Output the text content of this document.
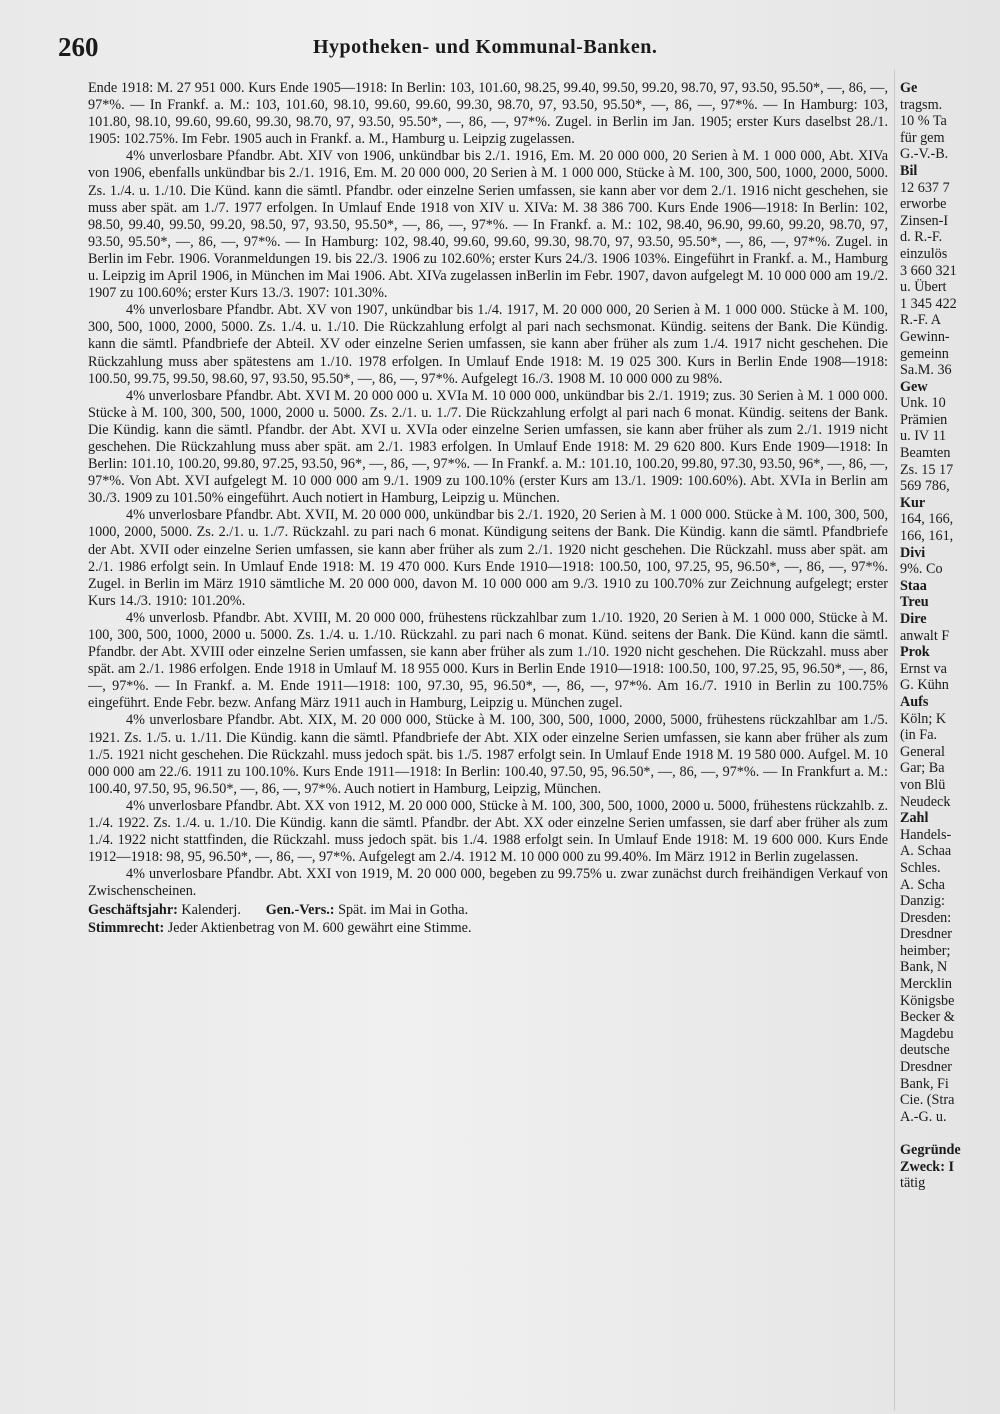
260	Hypotheken- und Kommunal-Banken.

Ende 1918: M. 27 951 000. Kurs Ende 1905—1918: In Berlin: 103, 101.60, 98.25, 99.40, 99.50, 99.20, 98.70, 97, 93.50, 95.50*, —, 86, —, 97*%. — In Frankf. a. M.: 103, 101.60, 98.10, 99.60, 99.60, 99.30, 98.70, 97, 93.50, 95.50*, —, 86, —, 97*%. — In Hamburg: 103, 101.80, 98.10, 99.60, 99.60, 99.30, 98.70, 97, 93.50, 95.50*, —, 86, —, 97*%. Zugel. in Berlin im Jan. 1905; erster Kurs daselbst 28./1. 1905: 102.75%. Im Febr. 1905 auch in Frankf. a. M., Hamburg u. Leipzig zugelassen.

4% unverlosbare Pfandbr. Abt. XIV von 1906, unkündbar bis 2./1. 1916, Em. M. 20 000 000, 20 Serien à M. 1 000 000, Abt. XIVa von 1906, ebenfalls unkündbar bis 2./1. 1916, Em. M. 20 000 000, 20 Serien à M. 1 000 000, Stücke à M. 100, 300, 500, 1000, 2000, 5000. Zs. 1./4. u. 1./10. Die Künd. kann die sämtl. Pfandbr. oder einzelne Serien umfassen, sie kann aber vor dem 2./1. 1916 nicht geschehen, sie muss aber spät. am 1./7. 1977 erfolgen. In Umlauf Ende 1918 von XIV u. XIVa: M. 38 386 700. Kurs Ende 1906—1918: In Berlin: 102, 98.50, 99.40, 99.50, 99.20, 98.50, 97, 93.50, 95.50*, —, 86, —, 97*%. — In Frankf. a. M.: 102, 98.40, 96.90, 99.60, 99.20, 98.70, 97, 93.50, 95.50*, —, 86, —, 97*%. — In Hamburg: 102, 98.40, 99.60, 99.60, 99.30, 98.70, 97, 93.50, 95.50*, —, 86, —, 97*%. Zugel. in Berlin im Febr. 1906. Voranmeldungen 19. bis 22./3. 1906 zu 102.60%; erster Kurs 24./3. 1906 103%. Eingeführt in Frankf. a. M., Hamburg u. Leipzig im April 1906, in München im Mai 1906. Abt. XIVa zugelassen inBerlin im Febr. 1907, davon aufgelegt M. 10 000 000 am 19./2. 1907 zu 100.60%; erster Kurs 13./3. 1907: 101.30%.

4% unverlosbare Pfandbr. Abt. XV von 1907, unkündbar bis 1./4. 1917, M. 20 000 000, 20 Serien à M. 1 000 000. Stücke à M. 100, 300, 500, 1000, 2000, 5000. Zs. 1./4. u. 1./10. Die Rückzahlung erfolgt al pari nach sechsmonat. Kündig. seitens der Bank. Die Kündig. kann die sämtl. Pfandbriefe der Abteil. XV oder einzelne Serien umfassen, sie kann aber früher als zum 1./4. 1917 nicht geschehen. Die Rückzahlung muss aber spätestens am 1./10. 1978 erfolgen. In Umlauf Ende 1918: M. 19 025 300. Kurs in Berlin Ende 1908—1918: 100.50, 99.75, 99.50, 98.60, 97, 93.50, 95.50*, —, 86, —, 97*%. Aufgelegt 16./3. 1908 M. 10 000 000 zu 98%.

4% unverlosbare Pfandbr. Abt. XVI M. 20 000 000 u. XVIa M. 10 000 000, unkündbar bis 2./1. 1919; zus. 30 Serien à M. 1 000 000. Stücke à M. 100, 300, 500, 1000, 2000 u. 5000. Zs. 2./1. u. 1./7. Die Rückzahlung erfolgt al pari nach 6 monat. Kündig. seitens der Bank. Die Kündig. kann die sämtl. Pfandbr. der Abt. XVI u. XVIa oder einzelne Serien umfassen, sie kann aber früher als zum 2./1. 1919 nicht geschehen. Die Rückzahlung muss aber spät. am 2./1. 1983 erfolgen. In Umlauf Ende 1918: M. 29 620 800. Kurs Ende 1909—1918: In Berlin: 101.10, 100.20, 99.80, 97.25, 93.50, 96*, —, 86, —, 97*%. — In Frankf. a. M.: 101.10, 100.20, 99.80, 97.30, 93.50, 96*, —, 86, —, 97*%. Von Abt. XVI aufgelegt M. 10 000 000 am 9./1. 1909 zu 100.10% (erster Kurs am 13./1. 1909: 100.60%). Abt. XVIa in Berlin am 30./3. 1909 zu 101.50% eingeführt. Auch notiert in Hamburg, Leipzig u. München.

4% unverlosbare Pfandbr. Abt. XVII, M. 20 000 000, unkündbar bis 2./1. 1920, 20 Serien à M. 1 000 000. Stücke à M. 100, 300, 500, 1000, 2000, 5000. Zs. 2./1. u. 1./7. Rückzahl. zu pari nach 6 monat. Kündigung seitens der Bank. Die Kündig. kann die sämtl. Pfandbriefe der Abt. XVII oder einzelne Serien umfassen, sie kann aber früher als zum 2./1. 1920 nicht geschehen. Die Rückzahl. muss aber spät. am 2./1. 1986 erfolgt sein. In Umlauf Ende 1918: M. 19 470 000. Kurs Ende 1910—1918: 100.50, 100, 97.25, 95, 96.50*, —, 86, —, 97*%. Zugel. in Berlin im März 1910 sämtliche M. 20 000 000, davon M. 10 000 000 am 9./3. 1910 zu 100.70% zur Zeichnung aufgelegt; erster Kurs 14./3. 1910: 101.20%.

4% unverlosb. Pfandbr. Abt. XVIII, M. 20 000 000, frühestens rückzahlbar zum 1./10. 1920, 20 Serien à M. 1 000 000, Stücke à M. 100, 300, 500, 1000, 2000 u. 5000. Zs. 1./4. u. 1./10. Rückzahl. zu pari nach 6 monat. Künd. seitens der Bank. Die Künd. kann die sämtl. Pfandbr. der Abt. XVIII oder einzelne Serien umfassen, sie kann aber früher als zum 1./10. 1920 nicht geschehen. Die Rückzahl. muss aber spät. am 2./1. 1986 erfolgen. Ende 1918 in Umlauf M. 18 955 000. Kurs in Berlin Ende 1910—1918: 100.50, 100, 97.25, 95, 96.50*, —, 86, —, 97*%. — In Frankf. a. M. Ende 1911—1918: 100, 97.30, 95, 96.50*, —, 86, —, 97*%. Am 16./7. 1910 in Berlin zu 100.75% eingeführt. Ende Febr. bezw. Anfang März 1911 auch in Hamburg, Leipzig u. München zugel.

4% unverlosbare Pfandbr. Abt. XIX, M. 20 000 000, Stücke à M. 100, 300, 500, 1000, 2000, 5000, frühestens rückzahlbar am 1./5. 1921. Zs. 1./5. u. 1./11. Die Kündig. kann die sämtl. Pfandbriefe der Abt. XIX oder einzelne Serien umfassen, sie kann aber früher als zum 1./5. 1921 nicht geschehen. Die Rückzahl. muss jedoch spät. bis 1./5. 1987 erfolgt sein. In Umlauf Ende 1918 M. 19 580 000. Aufgel. M. 10 000 000 am 22./6. 1911 zu 100.10%. Kurs Ende 1911—1918: In Berlin: 100.40, 97.50, 95, 96.50*, —, 86, —, 97*%. — In Frankfurt a. M.: 100.40, 97.50, 95, 96.50*, —, 86, —, 97*%. Auch notiert in Hamburg, Leipzig, München.

4% unverlosbare Pfandbr. Abt. XX von 1912, M. 20 000 000, Stücke à M. 100, 300, 500, 1000, 2000 u. 5000, frühestens rückzahlb. z. 1./4. 1922. Zs. 1./4. u. 1./10. Die Kündig. kann die sämtl. Pfandbr. der Abt. XX oder einzelne Serien umfassen, sie darf aber früher als zum 1./4. 1922 nicht stattfinden, die Rückzahl. muss jedoch spät. bis 1./4. 1988 erfolgt sein. In Umlauf Ende 1918: M. 19 600 000. Kurs Ende 1912—1918: 98, 95, 96.50*, —, 86, —, 97*%. Aufgelegt am 2./4. 1912 M. 10 000 000 zu 99.40%. Im März 1912 in Berlin zugelassen.

4% unverlosbare Pfandbr. Abt. XXI von 1919, M. 20 000 000, begeben zu 99.75% u. zwar zunächst durch freihändigen Verkauf von Zwischenscheinen.

Geschäftsjahr: Kalenderj. Gen.-Vers.: Spät. im Mai in Gotha.

Stimmrecht: Jeder Aktienbetrag von M. 600 gewährt eine Stimme.

Ge
tragsm.
10 % Ta
für gem
G.-V.-B.
Bil
12 637 7
erworbe
Zinsen-I
d. R.-F.
einzulös
3 660 321
u. Übert
1 345 422
R.-F. A
Gewinn-
gemeinn
Sa.M. 36
Gew
Unk. 10
Prämien
u. IV 11
Beamten
Zs. 15 17
569 786,
Kur
164, 166,
166, 161,
Divi
9%. Co
Staa
Treu
Dire
anwalt F
Prok
Ernst va
G. Kühn
Aufs
Köln; K
(in Fa.
General
Gar; Ba
von Blü
Neudeck
Zahl
Handels-
A. Schaa
Schles.
A. Scha
Danzig:
Dresden:
Dresdner
heimber;
Bank, N
Mercklin
Königsbe
Becker &
Magdebu
deutsche
Dresdner
Bank, Fi
Cie. (Stra
A.-G. u.
Gegründe
Zweck: I
tätig
